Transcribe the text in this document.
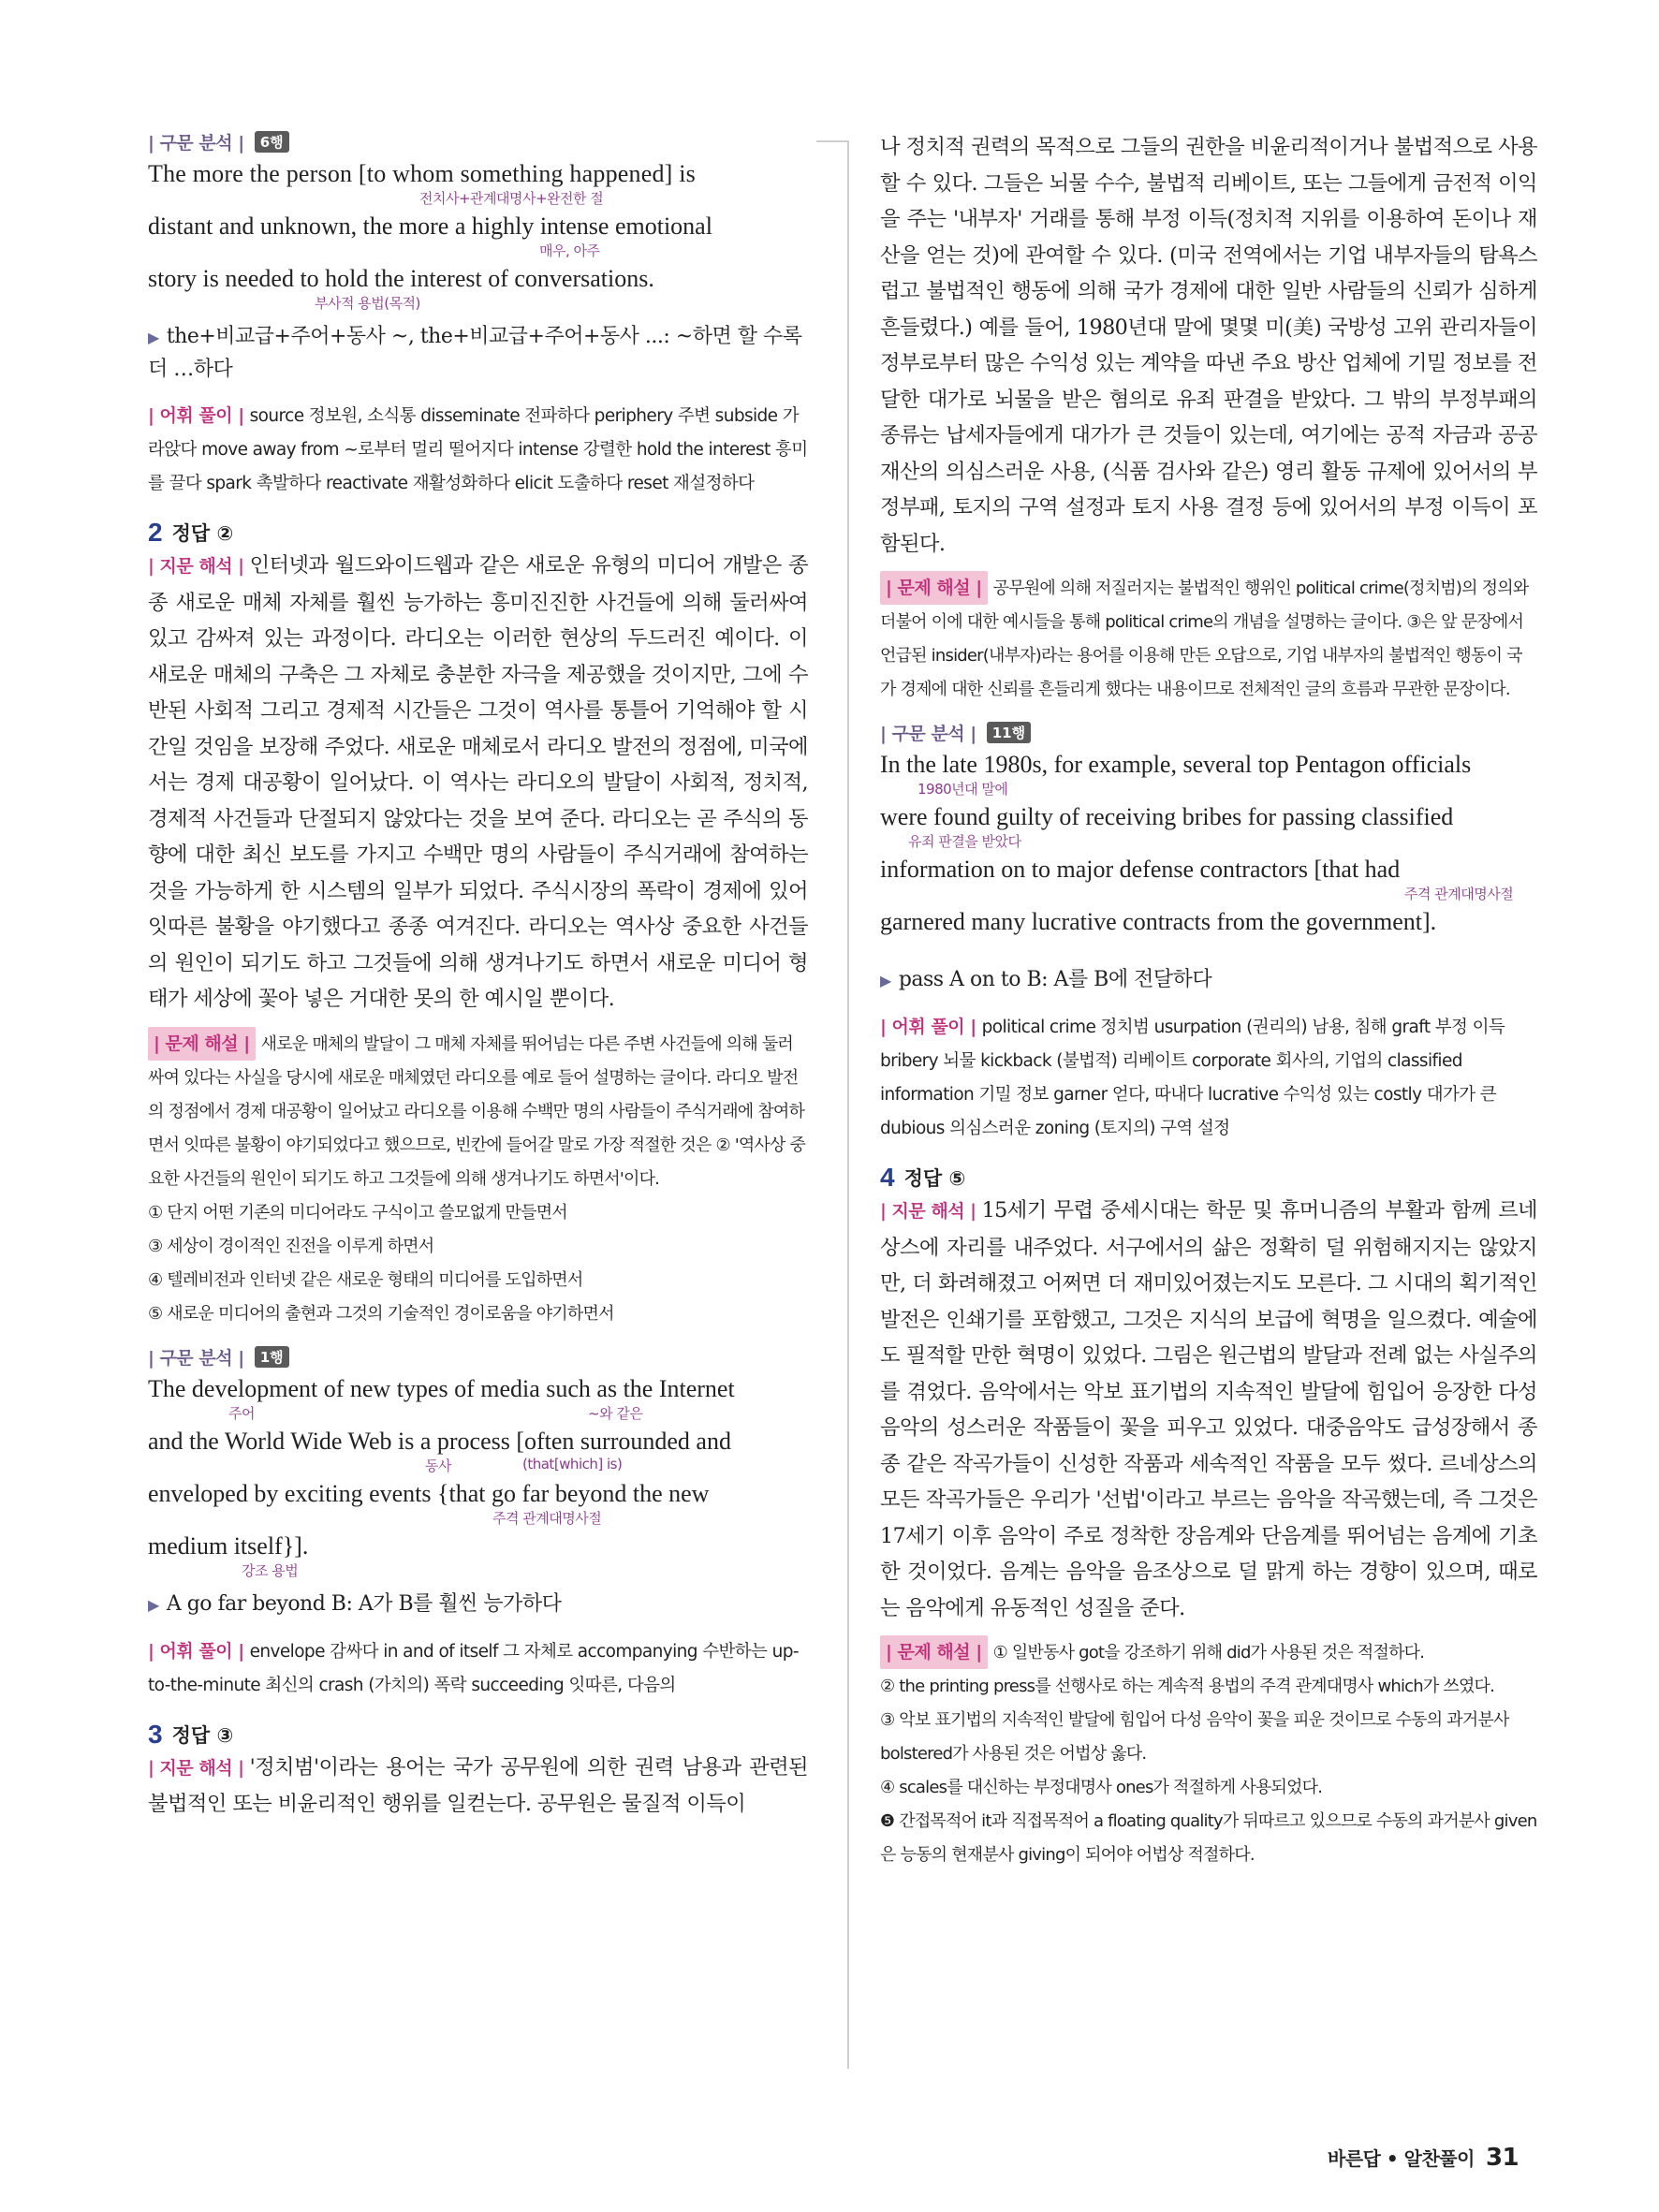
| 구문 분석 | 6행
The more the person [to whom something happened] is
전치사+관계대명사+완전한 절
distant and unknown, the more a highly intense emotional
매우, 아주
story is needed to hold the interest of conversations.
부사적 용법(목적)

▶ the+비교급+주어+동사 ~, the+비교급+주어+동사 ...: ~하면 할 수록 더 …하다

| 어휘 풀이 | source 정보원, 소식통 disseminate 전파하다 periphery 주변 subside 가라앉다 move away from ~로부터 멀리 떨어지다 intense 강렬한 hold the interest 흥미를 끌다 spark 촉발하다 reactivate 재활성화하다 elicit 도출하다 reset 재설정하다

2 정답 ②

| 지문 해석 | 인터넷과 월드와이드웹과 같은 새로운 유형의 미디어 개발은 종종 새로운 매체 자체를 훨씬 능가하는 흥미진진한 사건들에 의해 둘러싸여 있고 감싸져 있는 과정이다. 라디오는 이러한 현상의 두드러진 예이다. 이 새로운 매체의 구축은 그 자체로 충분한 자극을 제공했을 것이지만, 그에 수반된 사회적 그리고 경제적 시간들은 그것이 역사를 통틀어 기억해야 할 시간일 것임을 보장해 주었다. 새로운 매체로서 라디오 발전의 정점에, 미국에서는 경제 대공황이 일어났다. 이 역사는 라디오의 발달이 사회적, 정치적, 경제적 사건들과 단절되지 않았다는 것을 보여 준다. 라디오는 곧 주식의 동향에 대한 최신 보도를 가지고 수백만 명의 사람들이 주식거래에 참여하는 것을 가능하게 한 시스템의 일부가 되었다. 주식시장의 폭락이 경제에 있어 잇따른 불황을 야기했다고 종종 여겨진다. 라디오는 역사상 중요한 사건들의 원인이 되기도 하고 그것들에 의해 생겨나기도 하면서 새로운 미디어 형태가 세상에 꽃아 넣은 거대한 못의 한 예시일 뿐이다.

| 문제 해설 | 새로운 매체의 발달이 그 매체 자체를 뛰어넘는 다른 주변 사건들에 의해 둘러싸여 있다는 사실을 당시에 새로운 매체였던 라디오를 예로 들어 설명하는 글이다. 라디오 발전의 정점에서 경제 대공황이 일어났고 라디오를 이용해 수백만 명의 사람들이 주식거래에 참여하면서 잇따른 불황이 야기되었다고 했으므로, 빈칸에 들어갈 말로 가장 적절한 것은 ② '역사상 중요한 사건들의 원인이 되기도 하고 그것들에 의해 생겨나기도 하면서'이다.

① 단지 어떤 기존의 미디어라도 구식이고 쓸모없게 만들면서

③ 세상이 경이적인 진전을 이루게 하면서

④ 텔레비전과 인터넷 같은 새로운 형태의 미디어를 도입하면서

⑤ 새로운 미디어의 출현과 그것의 기술적인 경이로움을 야기하면서

| 구문 분석 | 1행
The development of new types of media such as the Internet
주어	~와 같은
and the World Wide Web is a process [often surrounded and
동사	(that[which] is)
enveloped by exciting events {that go far beyond the new
주격 관계대명사절
medium itself}].
강조 용법

▶ A go far beyond B: A가 B를 훨씬 능가하다

| 어휘 풀이 | envelope 감싸다 in and of itself 그 자체로 accompanying 수반하는 up-to-the-minute 최신의 crash (가치의) 폭락 succeeding 잇따른, 다음의

3 정답 ③

| 지문 해석 | '정치범'이라는 용어는 국가 공무원에 의한 권력 남용과 관련된 불법적인 또는 비윤리적인 행위를 일컫는다. 공무원은 물질적 이득이

나 정치적 권력의 목적으로 그들의 권한을 비윤리적이거나 불법적으로 사용할 수 있다. 그들은 뇌물 수수, 불법적 리베이트, 또는 그들에게 금전적 이익을 주는 '내부자' 거래를 통해 부정 이득(정치적 지위를 이용하여 돈이나 재산을 얻는 것)에 관여할 수 있다. (미국 전역에서는 기업 내부자들의 탐욕스럽고 불법적인 행동에 의해 국가 경제에 대한 일반 사람들의 신뢰가 심하게 흔들렸다.) 예를 들어, 1980년대 말에 몇몇 미(美) 국방성 고위 관리자들이 정부로부터 많은 수익성 있는 계약을 따낸 주요 방산 업체에 기밀 정보를 전달한 대가로 뇌물을 받은 혐의로 유죄 판결을 받았다. 그 밖의 부정부패의 종류는 납세자들에게 대가가 큰 것들이 있는데, 여기에는 공적 자금과 공공재산의 의심스러운 사용, (식품 검사와 같은) 영리 활동 규제에 있어서의 부정부패, 토지의 구역 설정과 토지 사용 결정 등에 있어서의 부정 이득이 포함된다.

| 문제 해설 | 공무원에 의해 저질러지는 불법적인 행위인 political crime(정치범)의 정의와 더불어 이에 대한 예시들을 통해 political crime의 개념을 설명하는 글이다. ③은 앞 문장에서 언급된 insider(내부자)라는 용어를 이용해 만든 오답으로, 기업 내부자의 불법적인 행동이 국가 경제에 대한 신뢰를 흔들리게 했다는 내용이므로 전체적인 글의 흐름과 무관한 문장이다.

| 구문 분석 | 11행
In the late 1980s, for example, several top Pentagon officials
1980년대 말에
were found guilty of receiving bribes for passing classified
유죄 판결을 받았다
information on to major defense contractors [that had
주격 관계대명사절
garnered many lucrative contracts from the government].

▶ pass A on to B: A를 B에 전달하다

| 어휘 풀이 | political crime 정치범 usurpation (권리의) 남용, 침해 graft 부정 이득 bribery 뇌물 kickback (불법적) 리베이트 corporate 회사의, 기업의 classified information 기밀 정보 garner 얻다, 따내다 lucrative 수익성 있는 costly 대가가 큰 dubious 의심스러운 zoning (토지의) 구역 설정

4 정답 ⑤

| 지문 해석 | 15세기 무렵 중세시대는 학문 및 휴머니즘의 부활과 함께 르네상스에 자리를 내주었다. 서구에서의 삶은 정확히 덜 위험해지지는 않았지만, 더 화려해졌고 어쩌면 더 재미있어졌는지도 모른다. 그 시대의 획기적인 발전은 인쇄기를 포함했고, 그것은 지식의 보급에 혁명을 일으켰다. 예술에도 필적할 만한 혁명이 있었다. 그림은 원근법의 발달과 전례 없는 사실주의를 겪었다. 음악에서는 악보 표기법의 지속적인 발달에 힘입어 응장한 다성 음악의 성스러운 작품들이 꽃을 피우고 있었다. 대중음악도 급성장해서 종종 같은 작곡가들이 신성한 작품과 세속적인 작품을 모두 썼다. 르네상스의 모든 작곡가들은 우리가 '선법'이라고 부르는 음악을 작곡했는데, 즉 그것은 17세기 이후 음악이 주로 정착한 장음계와 단음계를 뛰어넘는 음계에 기초한 것이었다. 음계는 음악을 음조상으로 덜 맑게 하는 경향이 있으며, 때로는 음악에게 유동적인 성질을 준다.

| 문제 해설 | ① 일반동사 got을 강조하기 위해 did가 사용된 것은 적절하다.

② the printing press를 선행사로 하는 계속적 용법의 주격 관계대명사 which가 쓰였다.

③ 악보 표기법의 지속적인 발달에 힘입어 다성 음악이 꽃을 피운 것이므로 수동의 과거분사 bolstered가 사용된 것은 어법상 옳다.

④ scales를 대신하는 부정대명사 ones가 적절하게 사용되었다.

❺ 간접목적어 it과 직접목적어 a floating quality가 뒤따르고 있으므로 수동의 과거분사 given은 능동의 현재분사 giving이 되어야 어법상 적절하다.

바른답 • 알찬풀이 31
